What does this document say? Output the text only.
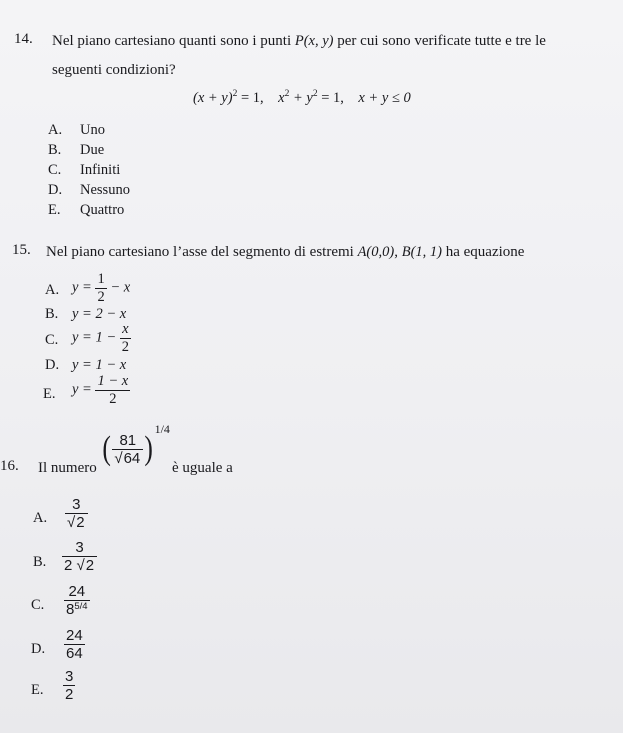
14. Nel piano cartesiano quanti sono i punti P(x, y) per cui sono verificate tutte e tre le
seguenti condizioni?
$(x + y)^2 = 1$, $x^2 + y^2 = 1$, x + y ≤ 0
A. Uno
B. Due
C. Infiniti
D. Nessuno
E. Quattro
15. Nel piano cartesiano l’asse del segmento di estremi A(0,0), B(1, 1) ha equazione
A. $y = \frac{1}{2} - x$
B. y = 2 − x
C. $y = 1 - \frac{x}{2}$
D. y = 1 − x
E. $y = \frac{1 - x}{2}$
16. Il numero
( $\frac{81}{√64} )^{1/4}$
è uguale a
A. $\frac{3}{√2}$
B. $\frac{3}{2 √2}$
C. $\frac{24}{8^{5/4}}$
D. $\frac{24}{64}$
E. $\frac{3}{2}$
